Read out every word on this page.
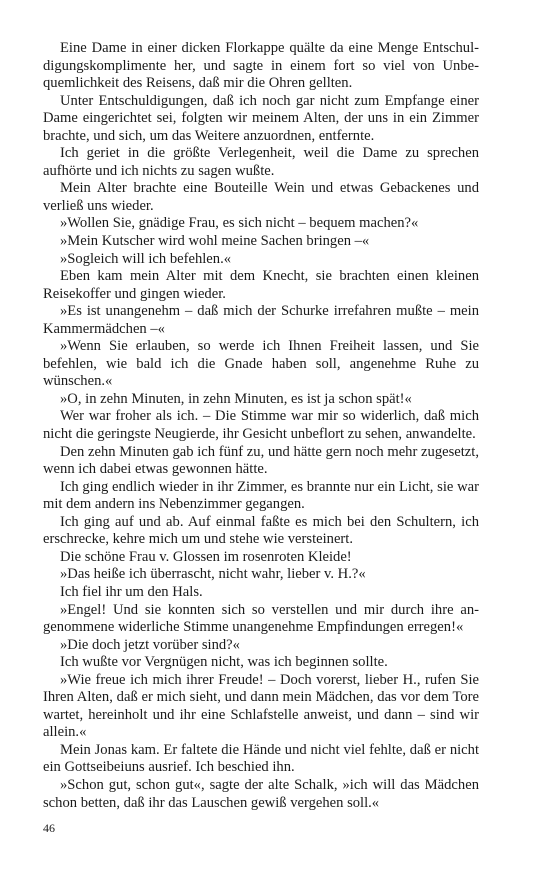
Eine Dame in einer dicken Florkappe quälte da eine Menge Entschuldigungskomplimente her, und sagte in einem fort so viel von Unbequemlichkeit des Reisens, daß mir die Ohren gellten.

Unter Entschuldigungen, daß ich noch gar nicht zum Empfange einer Dame eingerichtet sei, folgten wir meinem Alten, der uns in ein Zimmer brachte, und sich, um das Weitere anzuordnen, entfernte.

Ich geriet in die größte Verlegenheit, weil die Dame zu sprechen aufhörte und ich nichts zu sagen wußte.

Mein Alter brachte eine Bouteille Wein und etwas Gebackenes und verließ uns wieder.

»Wollen Sie, gnädige Frau, es sich nicht – bequem machen?«

»Mein Kutscher wird wohl meine Sachen bringen –«

»Sogleich will ich befehlen.«

Eben kam mein Alter mit dem Knecht, sie brachten einen kleinen Reisekoffer und gingen wieder.

»Es ist unangenehm – daß mich der Schurke irrefahren mußte – mein Kammermädchen –«

»Wenn Sie erlauben, so werde ich Ihnen Freiheit lassen, und Sie befehlen, wie bald ich die Gnade haben soll, angenehme Ruhe zu wünschen.«

»O, in zehn Minuten, in zehn Minuten, es ist ja schon spät!«

Wer war froher als ich. – Die Stimme war mir so widerlich, daß mich nicht die geringste Neugierde, ihr Gesicht unbeflort zu sehen, anwandelte.

Den zehn Minuten gab ich fünf zu, und hätte gern noch mehr zugesetzt, wenn ich dabei etwas gewonnen hätte.

Ich ging endlich wieder in ihr Zimmer, es brannte nur ein Licht, sie war mit dem andern ins Nebenzimmer gegangen.

Ich ging auf und ab. Auf einmal faßte es mich bei den Schultern, ich erschrecke, kehre mich um und stehe wie versteinert.

Die schöne Frau v. Glossen im rosenroten Kleide!

»Das heiße ich überrascht, nicht wahr, lieber v. H.?«

Ich fiel ihr um den Hals.

»Engel! Und sie konnten sich so verstellen und mir durch ihre angenommene widerliche Stimme unangenehme Empfindungen erregen!«

»Die doch jetzt vorüber sind?«

Ich wußte vor Vergnügen nicht, was ich beginnen sollte.

»Wie freue ich mich ihrer Freude! – Doch vorerst, lieber H., rufen Sie Ihren Alten, daß er mich sieht, und dann mein Mädchen, das vor dem Tore wartet, hereinholt und ihr eine Schlafstelle anweist, und dann – sind wir allein.«

Mein Jonas kam. Er faltete die Hände und nicht viel fehlte, daß er nicht ein Gottseibeiuns ausrief. Ich beschied ihn.

»Schon gut, schon gut«, sagte der alte Schalk, »ich will das Mädchen schon betten, daß ihr das Lauschen gewiß vergehen soll.«

46
